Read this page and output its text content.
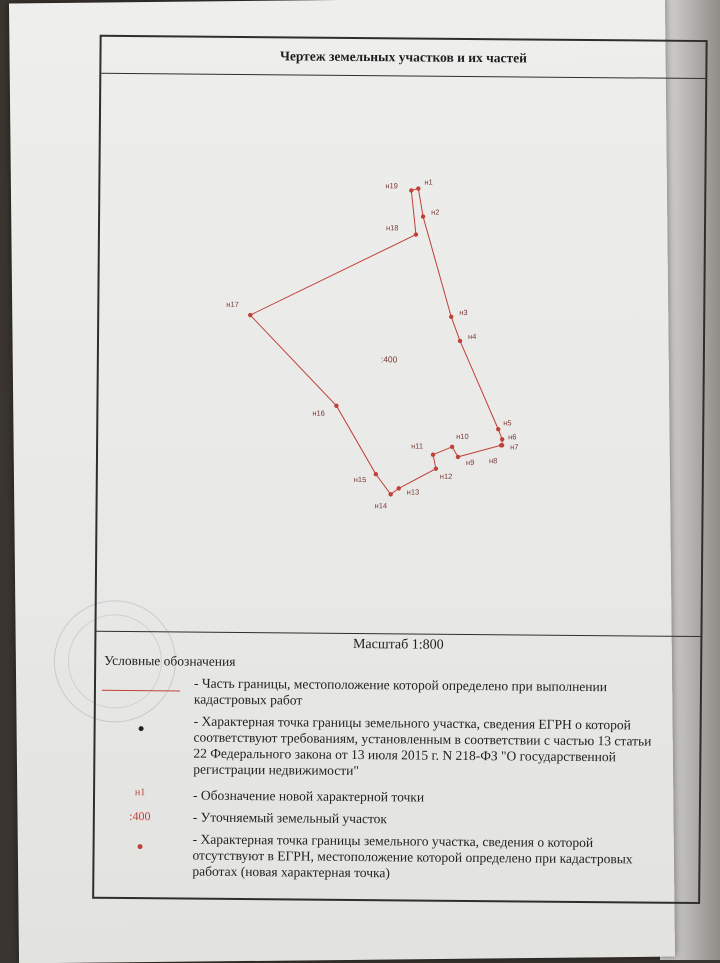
Чертеж земельных участков и их частей
н1
н2
н3
н4
н5
н6
н7
н8
н9
н10
н11
н12
н13
н14
н15
н16
н17
н18
н19
:400
Масштаб 1:800
Условные обозначения
- Часть границы, местоположение которой определено при выполнении кадастровых работ
- Характерная точка границы земельного участка, сведения ЕГРН о которой соответствуют требованиям, установленным в соответствии с частью 13 статьи 22 Федерального закона от 13 июля 2015 г. N 218-ФЗ "О государственной регистрации недвижимости"
н1	- Обозначение новой характерной точки
:400	- Уточняемый земельный участок
- Характерная точка границы земельного участка, сведения о которой отсутствуют в ЕГРН, местоположение которой определено при кадастровых работах (новая характерная точка)
